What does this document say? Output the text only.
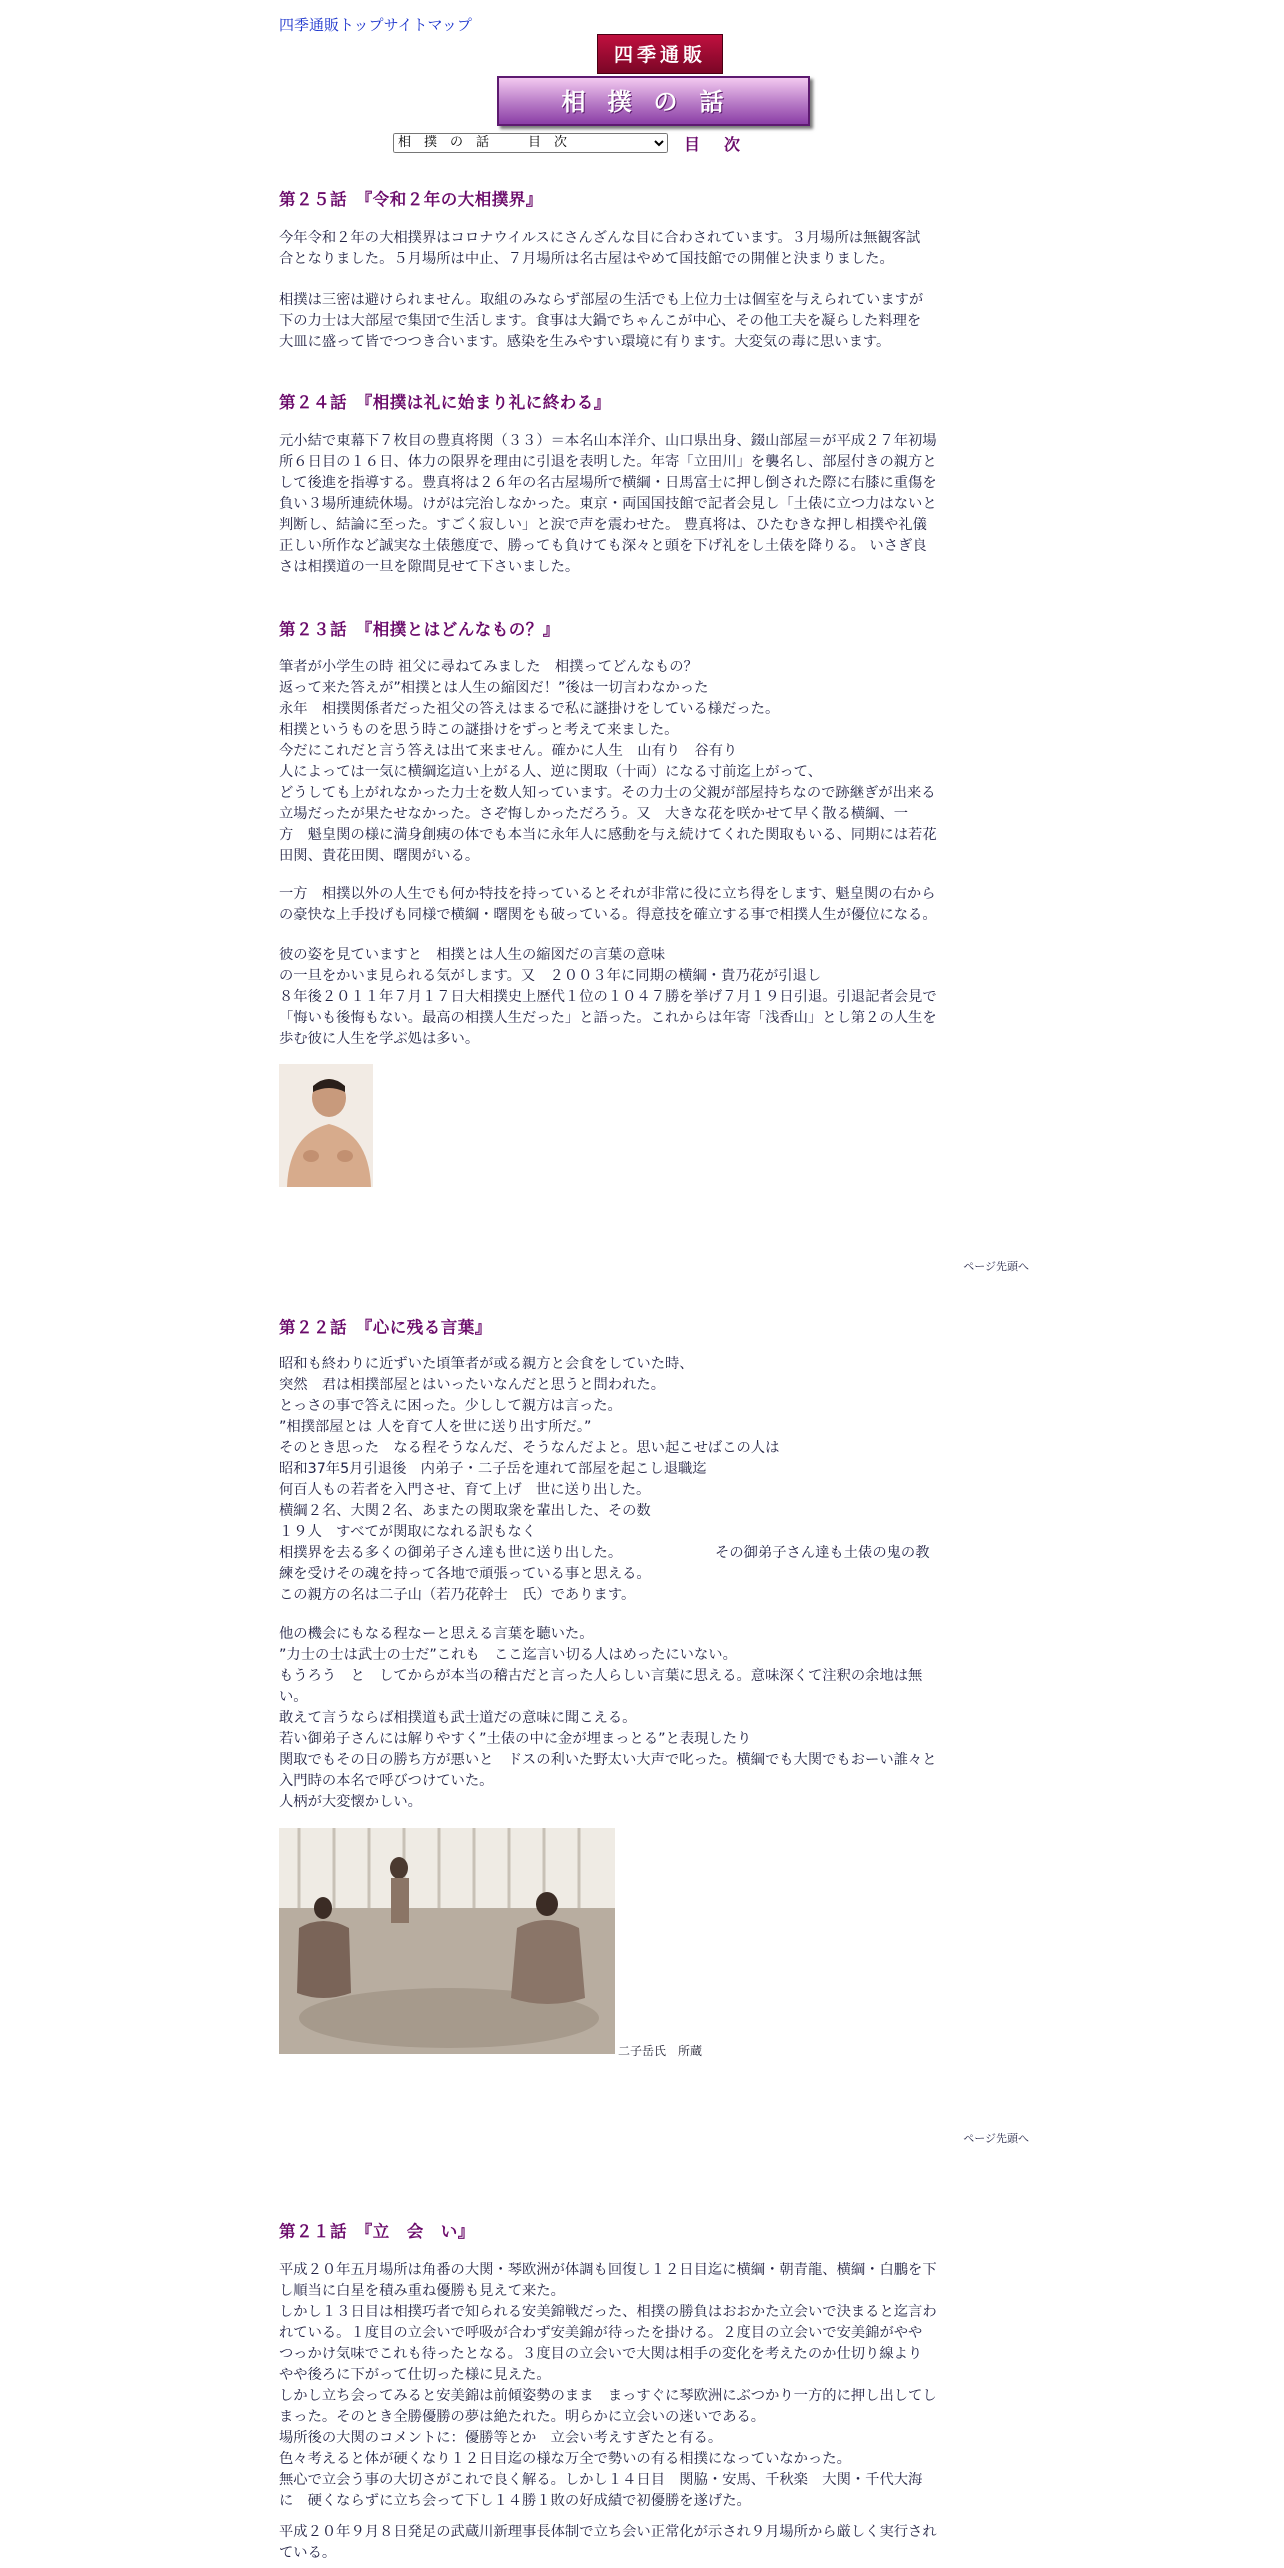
四季通販トップサイトマップ
四季通販
相撲の話
相　撲　の　話　　　目　次
目　次
第２５話　『令和２年の大相撲界』

今年令和２年の大相撲界はコロナウイルスにさんざんな目に合わされています。３月場所は無観客試
合となりました。５月場所は中止、７月場所は名古屋はやめて国技館での開催と決まりました。

相撲は三密は避けられません。取組のみならず部屋の生活でも上位力士は個室を与えられていますが
下の力士は大部屋で集団で生活します。食事は大鍋でちゃんこが中心、その他工夫を凝らした料理を
大皿に盛って皆でつつき合います。感染を生みやすい環境に有ります。大変気の毒に思います。

第２４話　『相撲は礼に始まり礼に終わる』

元小結で東幕下７枚目の豊真将関（３３）＝本名山本洋介、山口県出身、錣山部屋＝が平成２７年初場
所６日目の１６日、体力の限界を理由に引退を表明した。年寄「立田川」を襲名し、部屋付きの親方と
して後進を指導する。豊真将は２６年の名古屋場所で横綱・日馬富士に押し倒された際に右膝に重傷を
負い３場所連続休場。けがは完治しなかった。東京・両国国技館で記者会見し「土俵に立つ力はないと
判断し、結論に至った。すごく寂しい」と涙で声を震わせた。 豊真将は、ひたむきな押し相撲や礼儀
正しい所作など誠実な土俵態度で、勝っても負けても深々と頭を下げ礼をし土俵を降りる。 いさぎ良
さは相撲道の一旦を隙間見せて下さいました。

第２３話　『相撲とはどんなもの？』

筆者が小学生の時 祖父に尋ねてみました　相撲ってどんなもの？
返って来た答えが”相撲とは人生の縮図だ！”後は一切言わなかった
永年　相撲関係者だった祖父の答えはまるで私に謎掛けをしている様だった。
相撲というものを思う時この謎掛けをずっと考えて来ました。
今だにこれだと言う答えは出て来ません。確かに人生　山有り　谷有り
人によっては一気に横綱迄這い上がる人、逆に関取（十両）になる寸前迄上がって、
どうしても上がれなかった力士を数人知っています。その力士の父親が部屋持ちなので跡継ぎが出来る
立場だったが果たせなかった。さぞ悔しかっただろう。又　大きな花を咲かせて早く散る横綱、一
方　魁皇関の様に満身創痍の体でも本当に永年人に感動を与え続けてくれた関取もいる、同期には若花
田関、貴花田関、曙関がいる。

一方　相撲以外の人生でも何か特技を持っているとそれが非常に役に立ち得をします、魁皇関の右から
の豪快な上手投げも同様で横綱・曙関をも破っている。得意技を確立する事で相撲人生が優位になる。

彼の姿を見ていますと　相撲とは人生の縮図だの言葉の意味
の一旦をかいま見られる気がします。又　２００３年に同期の横綱・貴乃花が引退し
８年後２０１１年７月１７日大相撲史上歴代１位の１０４７勝を挙げ７月１９日引退。引退記者会見で
「悔いも後悔もない。最高の相撲人生だった」と語った。これからは年寄「浅香山」とし第２の人生を
歩む彼に人生を学ぶ処は多い。

ページ先頭へ
第２２話　『心に残る言葉』

昭和も終わりに近ずいた頃筆者が或る親方と会食をしていた時、
突然　君は相撲部屋とはいったいなんだと思うと問われた。
とっさの事で答えに困った。少しして親方は言った。
”相撲部屋とは 人を育て人を世に送り出す所だ。”
そのとき思った　なる程そうなんだ、そうなんだよと。思い起こせばこの人は
昭和37年5月引退後　内弟子・二子岳を連れて部屋を起こし退職迄
何百人もの若者を入門させ、育て上げ　世に送り出した。
横綱２名、大関２名、あまたの関取衆を輩出した、その数
１９人　すべてが関取になれる訳もなく
相撲界を去る多くの御弟子さん達も世に送り出した。　　　　　　　その御弟子さん達も土俵の鬼の教
練を受けその魂を持って各地で頑張っている事と思える。
この親方の名は二子山（若乃花幹士　氏）であります。

他の機会にもなる程なーと思える言葉を聴いた。
”力士の士は武士の士だ”これも　ここ迄言い切る人はめったにいない。
もうろう　と　してからが本当の稽古だと言った人らしい言葉に思える。意味深くて注釈の余地は無
い。
敢えて言うならば相撲道も武士道だの意味に聞こえる。
若い御弟子さんには解りやすく”土俵の中に金が埋まっとる”と表現したり
関取でもその日の勝ち方が悪いと　ドスの利いた野太い大声で叱った。横綱でも大関でもおーい誰々と
入門時の本名で呼びつけていた。
人柄が大変懐かしい。

二子岳氏　所蔵
ページ先頭へ
第２１話　『立　会　い』

平成２０年五月場所は角番の大関・琴欧洲が体調も回復し１２日目迄に横綱・朝青龍、横綱・白鵬を下
し順当に白星を積み重ね優勝も見えて来た。
しかし１３日目は相撲巧者で知られる安美錦戦だった、相撲の勝負はおおかた立会いで決まると迄言わ
れている。１度目の立会いで呼吸が合わず安美錦が待ったを掛ける。２度目の立会いで安美錦がやや
つっかけ気味でこれも待ったとなる。３度目の立会いで大関は相手の変化を考えたのか仕切り線より
やや後ろに下がって仕切った様に見えた。
しかし立ち会ってみると安美錦は前傾姿勢のまま　まっすぐに琴欧洲にぶつかり一方的に押し出してし
まった。そのとき全勝優勝の夢は絶たれた。明らかに立会いの迷いである。
場所後の大関のコメントに：優勝等とか　立会い考えすぎたと有る。
色々考えると体が硬くなり１２日目迄の様な万全で勢いの有る相撲になっていなかった。
無心で立会う事の大切さがこれで良く解る。しかし１４日目　関脇・安馬、千秋楽　大関・千代大海
に　硬くならずに立ち会って下し１４勝１敗の好成績で初優勝を遂げた。

平成２０年９月８日発足の武蔵川新理事長体制で立ち会い正常化が示され９月場所から厳しく実行され
ている。
